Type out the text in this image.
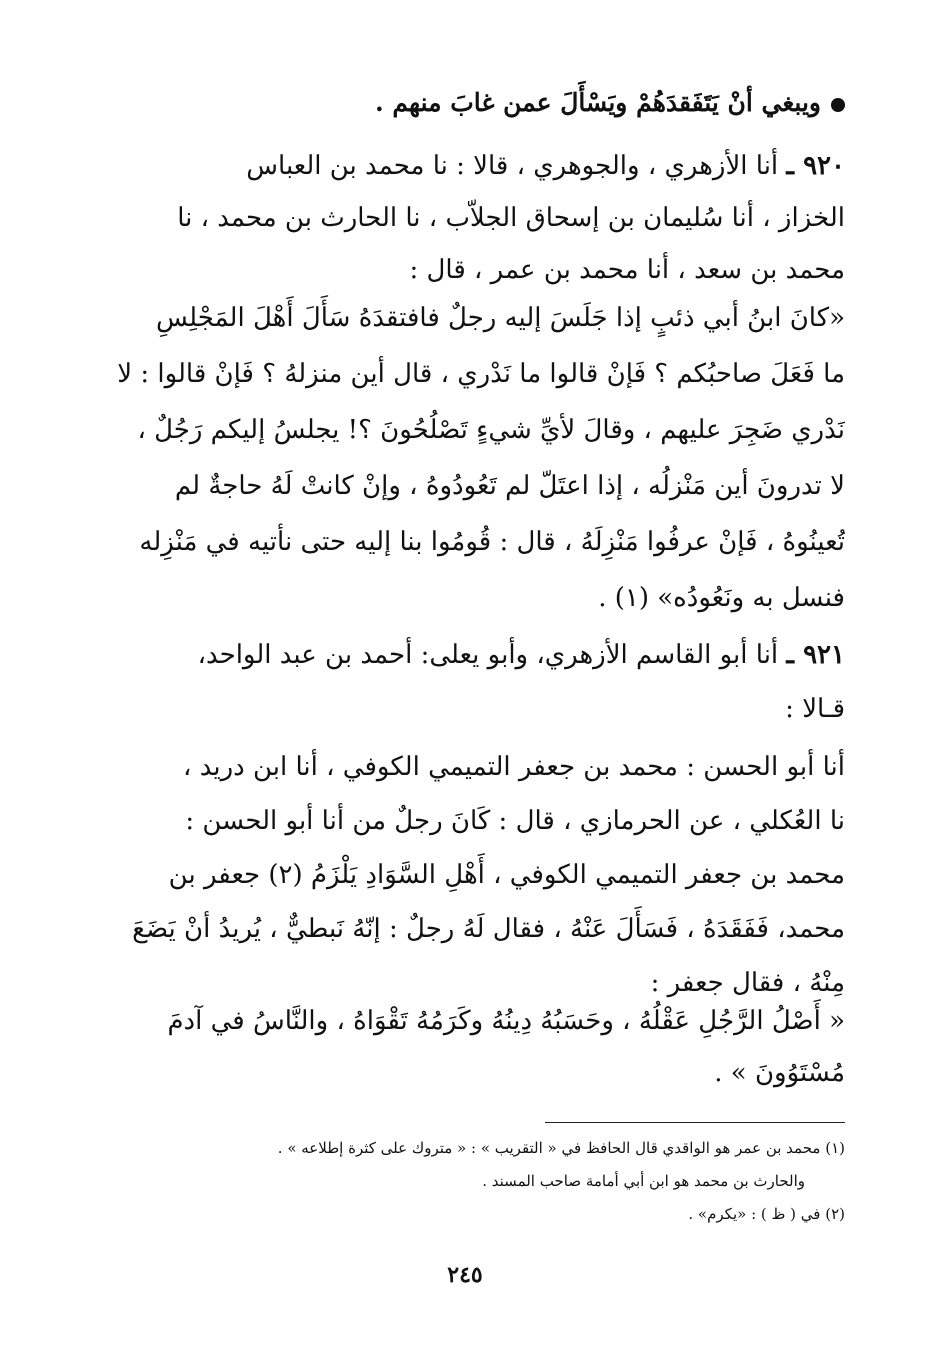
ويبغي أنْ يَتَفَقدَهُمْ ويَسْأَلَ عمن غابَ منهم .
٩٢٠ ـ أنا الأزهري ، والجوهري ، قالا : نا محمد بن العباس
الخزاز ، أنا سُليمان بن إسحاق الجلاّب ، نا الحارث بن محمد ، نا
محمد بن سعد ، أنا محمد بن عمر ، قال :
«كانَ ابنُ أبي ذئبٍ إذا جَلَسَ إليه رجلٌ فافتقدَهُ سَأَلَ أَهْلَ المَجْلِسِ
ما فَعَلَ صاحبُكم ؟ فَإنْ قالوا ما نَدْري ، قال أين منزلهُ ؟ فَإنْ قالوا : لا
نَدْري ضَجِرَ عليهم ، وقالَ لأيِّ شيءٍ تَصْلُحُونَ ؟! يجلسُ إليكم رَجُلٌ ،
لا تدرونَ أين مَنْزلُه ، إذا اعتَلّ لم تَعُودُوهُ ، وإنْ كانتْ لَهُ حاجةٌ لم
تُعينُوهُ ، فَإنْ عرفُوا مَنْزِلَهُ ، قال : قُومُوا بنا إليه حتى نأتيه في مَنْزِله
فنسل به ونَعُودُه» (١) .
٩٢١ ـ أنا أبو القاسم الأزهري، وأبو يعلى: أحمد بن عبد الواحد،
قـالا :
أنا أبو الحسن : محمد بن جعفر التميمي الكوفي ، أنا ابن دريد ،
نا العُكلي ، عن الحرمازي ، قال : كَانَ رجلٌ من أنا أبو الحسن :
محمد بن جعفر التميمي الكوفي ، أَهْلِ السَّوَادِ يَلْزَمُ (٢) جعفر بن
محمد، فَفَقَدَهُ ، فَسَأَلَ عَنْهُ ، فقال لَهُ رجلٌ : إنّهُ نَبطيٌّ ، يُريدُ أنْ يَضَعَ
مِنْهُ ، فقال جعفر :
« أَصْلُ الرَّجُلِ عَقْلُهُ ، وحَسَبُهُ دِينُهُ وكَرَمُهُ تَقْوَاهُ ، والنَّاسُ في آدمَ
مُسْتَوُونَ » .
(١) محمد بن عمر هو الواقدي قال الحافظ في « التقريب » : « متروك على كثرة إطلاعه » .
والحارث بن محمد هو ابن أبي أمامة صاحب المسند .
(٢) في ( ظ ) : «يكرم» .
٢٤٥
